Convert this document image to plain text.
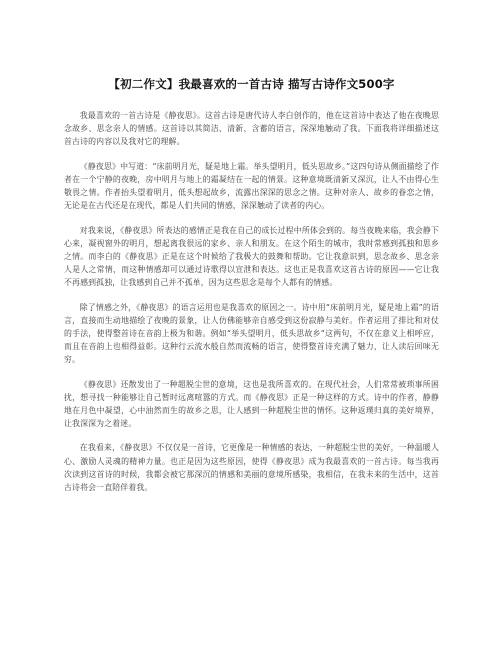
【初二作文】我最喜欢的一首古诗 描写古诗作文500字

我最喜欢的一首古诗是《静夜思》。这首古诗是唐代诗人李白创作的，他在这首诗中表达了他在夜晚思念故乡、思念亲人的情感。这首诗以其简洁、清新、含蓄的语言，深深地触动了我。下面我将详细描述这首古诗的内容以及我对它的理解。

《静夜思》中写道：“床前明月光，疑是地上霜。举头望明月，低头思故乡。”这四句诗从侧面描绘了作者在一个宁静的夜晚，房中明月与地上的霜凝结在一起的情景。这种意境既清新又深沉，让人不由得心生敬畏之情。作者抬头望着明月，低头想起故乡，流露出深深的思念之情。这种对亲人、故乡的眷恋之情，无论是在古代还是在现代，都是人们共同的情感，深深触动了读者的内心。

对我来说，《静夜思》所表达的感情正是我在自己的成长过程中所体会到的。每当夜晚来临，我会静下心来，凝视窗外的明月，想起离我很远的家乡、亲人和朋友。在这个陌生的城市，我时常感到孤独和思乡之情。而李白的《静夜思》正是在这个时候给了我极大的鼓舞和帮助。它让我意识到，思念故乡、思念亲人是人之常情，而这种情感却可以通过诗歌得以宣泄和表达。这也正是我喜欢这首古诗的原因——它让我不再感到孤独，让我感到自己并不孤单，因为这些思念是每个人都有的情感。

除了情感之外，《静夜思》的语言运用也是我喜欢的原因之一。诗中用“床前明月光，疑是地上霜”的语言，直接而生动地描绘了夜晚的景象，让人仿佛能够亲自感受到这份寂静与美好。作者运用了排比和对仗的手法，使得整首诗在音韵上极为和谐。例如“举头望明月，低头思故乡”这两句，不仅在意义上相呼应，而且在音韵上也相得益彰。这种行云流水般自然而流畅的语言，使得整首诗充满了魅力，让人读后回味无穷。

《静夜思》还散发出了一种超脱尘世的意境，这也是我所喜欢的。在现代社会，人们常常被琐事所困扰，想寻找一种能够让自己暂时远离喧嚣的方式。而《静夜思》正是一种这样的方式。诗中的作者，静静地在月色中凝望，心中油然而生的故乡之思，让人感到一种超脱尘世的情怀。这种返璞归真的美好境界，让我深深为之着迷。

在我看来，《静夜思》不仅仅是一首诗，它更像是一种情感的表达，一种超脱尘世的美好，一种温暖人心、激励人灵魂的精神力量。也正是因为这些原因，使得《静夜思》成为我最喜欢的一首古诗。每当我再次读到这首诗的时候，我都会被它那深沉的情感和美丽的意境所感染，我相信，在我未来的生活中，这首古诗将会一直陪伴着我。
